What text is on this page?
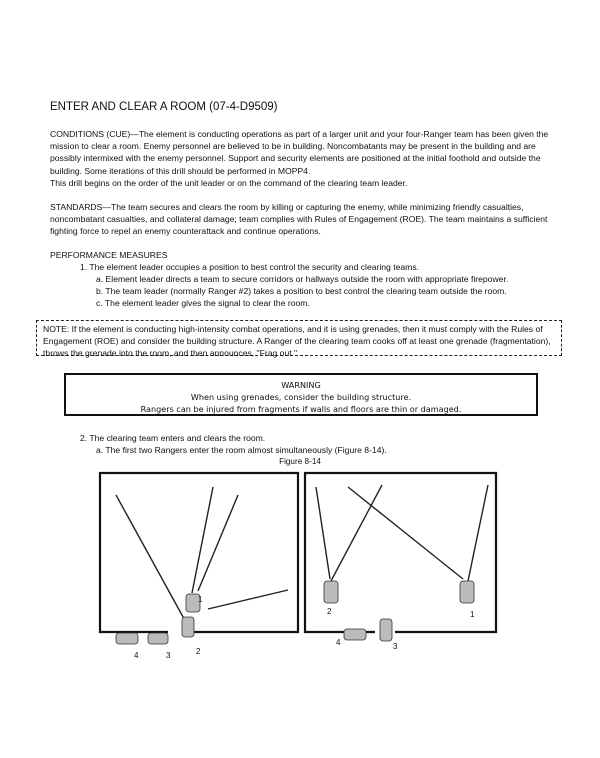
ENTER AND CLEAR A ROOM (07-4-D9509)

CONDITIONS (CUE)—The element is conducting operations as part of a larger unit and your four-Ranger team has been given the mission to clear a room. Enemy personnel are believed to be in building. Noncombatants may be present in the building and are possibly intermixed with the enemy personnel. Support and security elements are positioned at the initial foothold and outside the building. Some iterations of this drill should be performed in MOPP4.

This drill begins on the order of the unit leader or on the command of the clearing team leader.

STANDARDS—The team secures and clears the room by killing or capturing the enemy, while minimizing friendly casualties, noncombatant casualties, and collateral damage; team complies with Rules of Engagement (ROE). The team maintains a sufficient fighting force to repel an enemy counterattack and continue operations.

PERFORMANCE MEASURES
1. The element leader occupies a position to best control the security and clearing teams.
a. Element leader directs a team to secure corridors or hallways outside the room with appropriate firepower.
b. The team leader (normally Ranger #2) takes a position to best control the clearing team outside the room.
c. The element leader gives the signal to clear the room.
NOTE: If the element is conducting high-intensity combat operations, and it is using grenades, then it must comply with the Rules of Engagement (ROE) and consider the building structure. A Ranger of the clearing team cooks off at least one grenade (fragmentation), throws the grenade into the room, and then announces, "Frag out."
WARNING
When using grenades, consider the building structure.
Rangers can be injured from fragments if walls and floors are thin or damaged.
2. The clearing team enters and clears the room.
a. The first two Rangers enter the room almost simultaneously (Figure 8-14).
Figure 8-14
1
2
3
4
1
2
3
4
